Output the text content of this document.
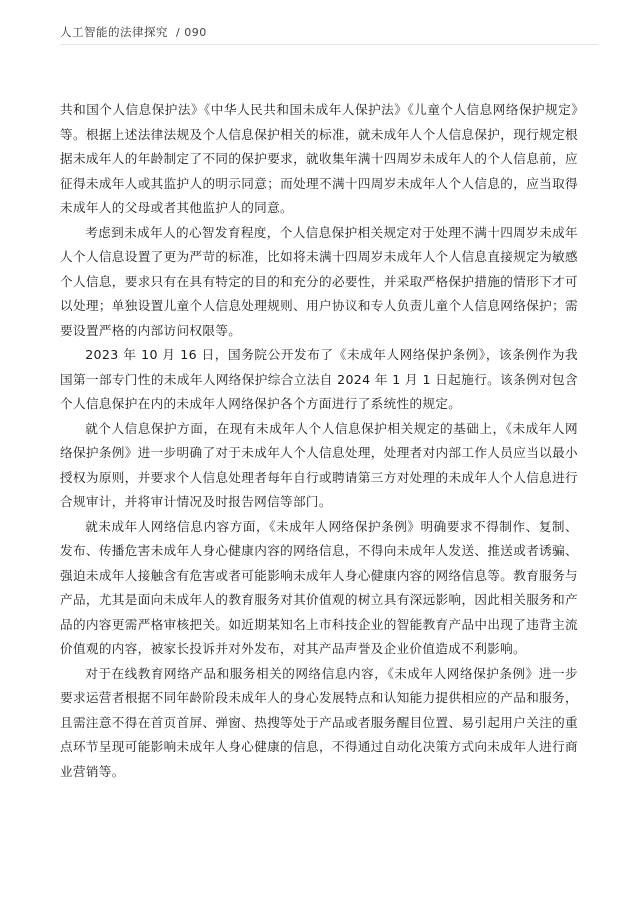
人工智能的法律探究 / 090

共和国个人信息保护法》《中华人民共和国未成年人保护法》《儿童个人信息网络保护规定》等。根据上述法律法规及个人信息保护相关的标准，就未成年人个人信息保护，现行规定根据未成年人的年龄制定了不同的保护要求，就收集年满十四周岁未成年人的个人信息前，应征得未成年人或其监护人的明示同意；而处理不满十四周岁未成年人个人信息的，应当取得未成年人的父母或者其他监护人的同意。

考虑到未成年人的心智发育程度，个人信息保护相关规定对于处理不满十四周岁未成年人个人信息设置了更为严苛的标准，比如将未满十四周岁未成年人个人信息直接规定为敏感个人信息，要求只有在具有特定的目的和充分的必要性，并采取严格保护措施的情形下才可以处理；单独设置儿童个人信息处理规则、用户协议和专人负责儿童个人信息网络保护；需要设置严格的内部访问权限等。

2023 年 10 月 16 日，国务院公开发布了《未成年人网络保护条例》，该条例作为我国第一部专门性的未成年人网络保护综合立法自 2024 年 1 月 1 日起施行。该条例对包含个人信息保护在内的未成年人网络保护各个方面进行了系统性的规定。

就个人信息保护方面，在现有未成年人个人信息保护相关规定的基础上，《未成年人网络保护条例》进一步明确了对于未成年人个人信息处理，处理者对内部工作人员应当以最小授权为原则，并要求个人信息处理者每年自行或聘请第三方对处理的未成年人个人信息进行合规审计，并将审计情况及时报告网信等部门。

就未成年人网络信息内容方面，《未成年人网络保护条例》明确要求不得制作、复制、发布、传播危害未成年人身心健康内容的网络信息，不得向未成年人发送、推送或者诱骗、强迫未成年人接触含有危害或者可能影响未成年人身心健康内容的网络信息等。教育服务与产品，尤其是面向未成年人的教育服务对其价值观的树立具有深远影响，因此相关服务和产品的内容更需严格审核把关。如近期某知名上市科技企业的智能教育产品中出现了违背主流价值观的内容，被家长投诉并对外发布，对其产品声誉及企业价值造成不利影响。

对于在线教育网络产品和服务相关的网络信息内容，《未成年人网络保护条例》进一步要求运营者根据不同年龄阶段未成年人的身心发展特点和认知能力提供相应的产品和服务，且需注意不得在首页首屏、弹窗、热搜等处于产品或者服务醒目位置、易引起用户关注的重点环节呈现可能影响未成年人身心健康的信息，不得通过自动化决策方式向未成年人进行商业营销等。
